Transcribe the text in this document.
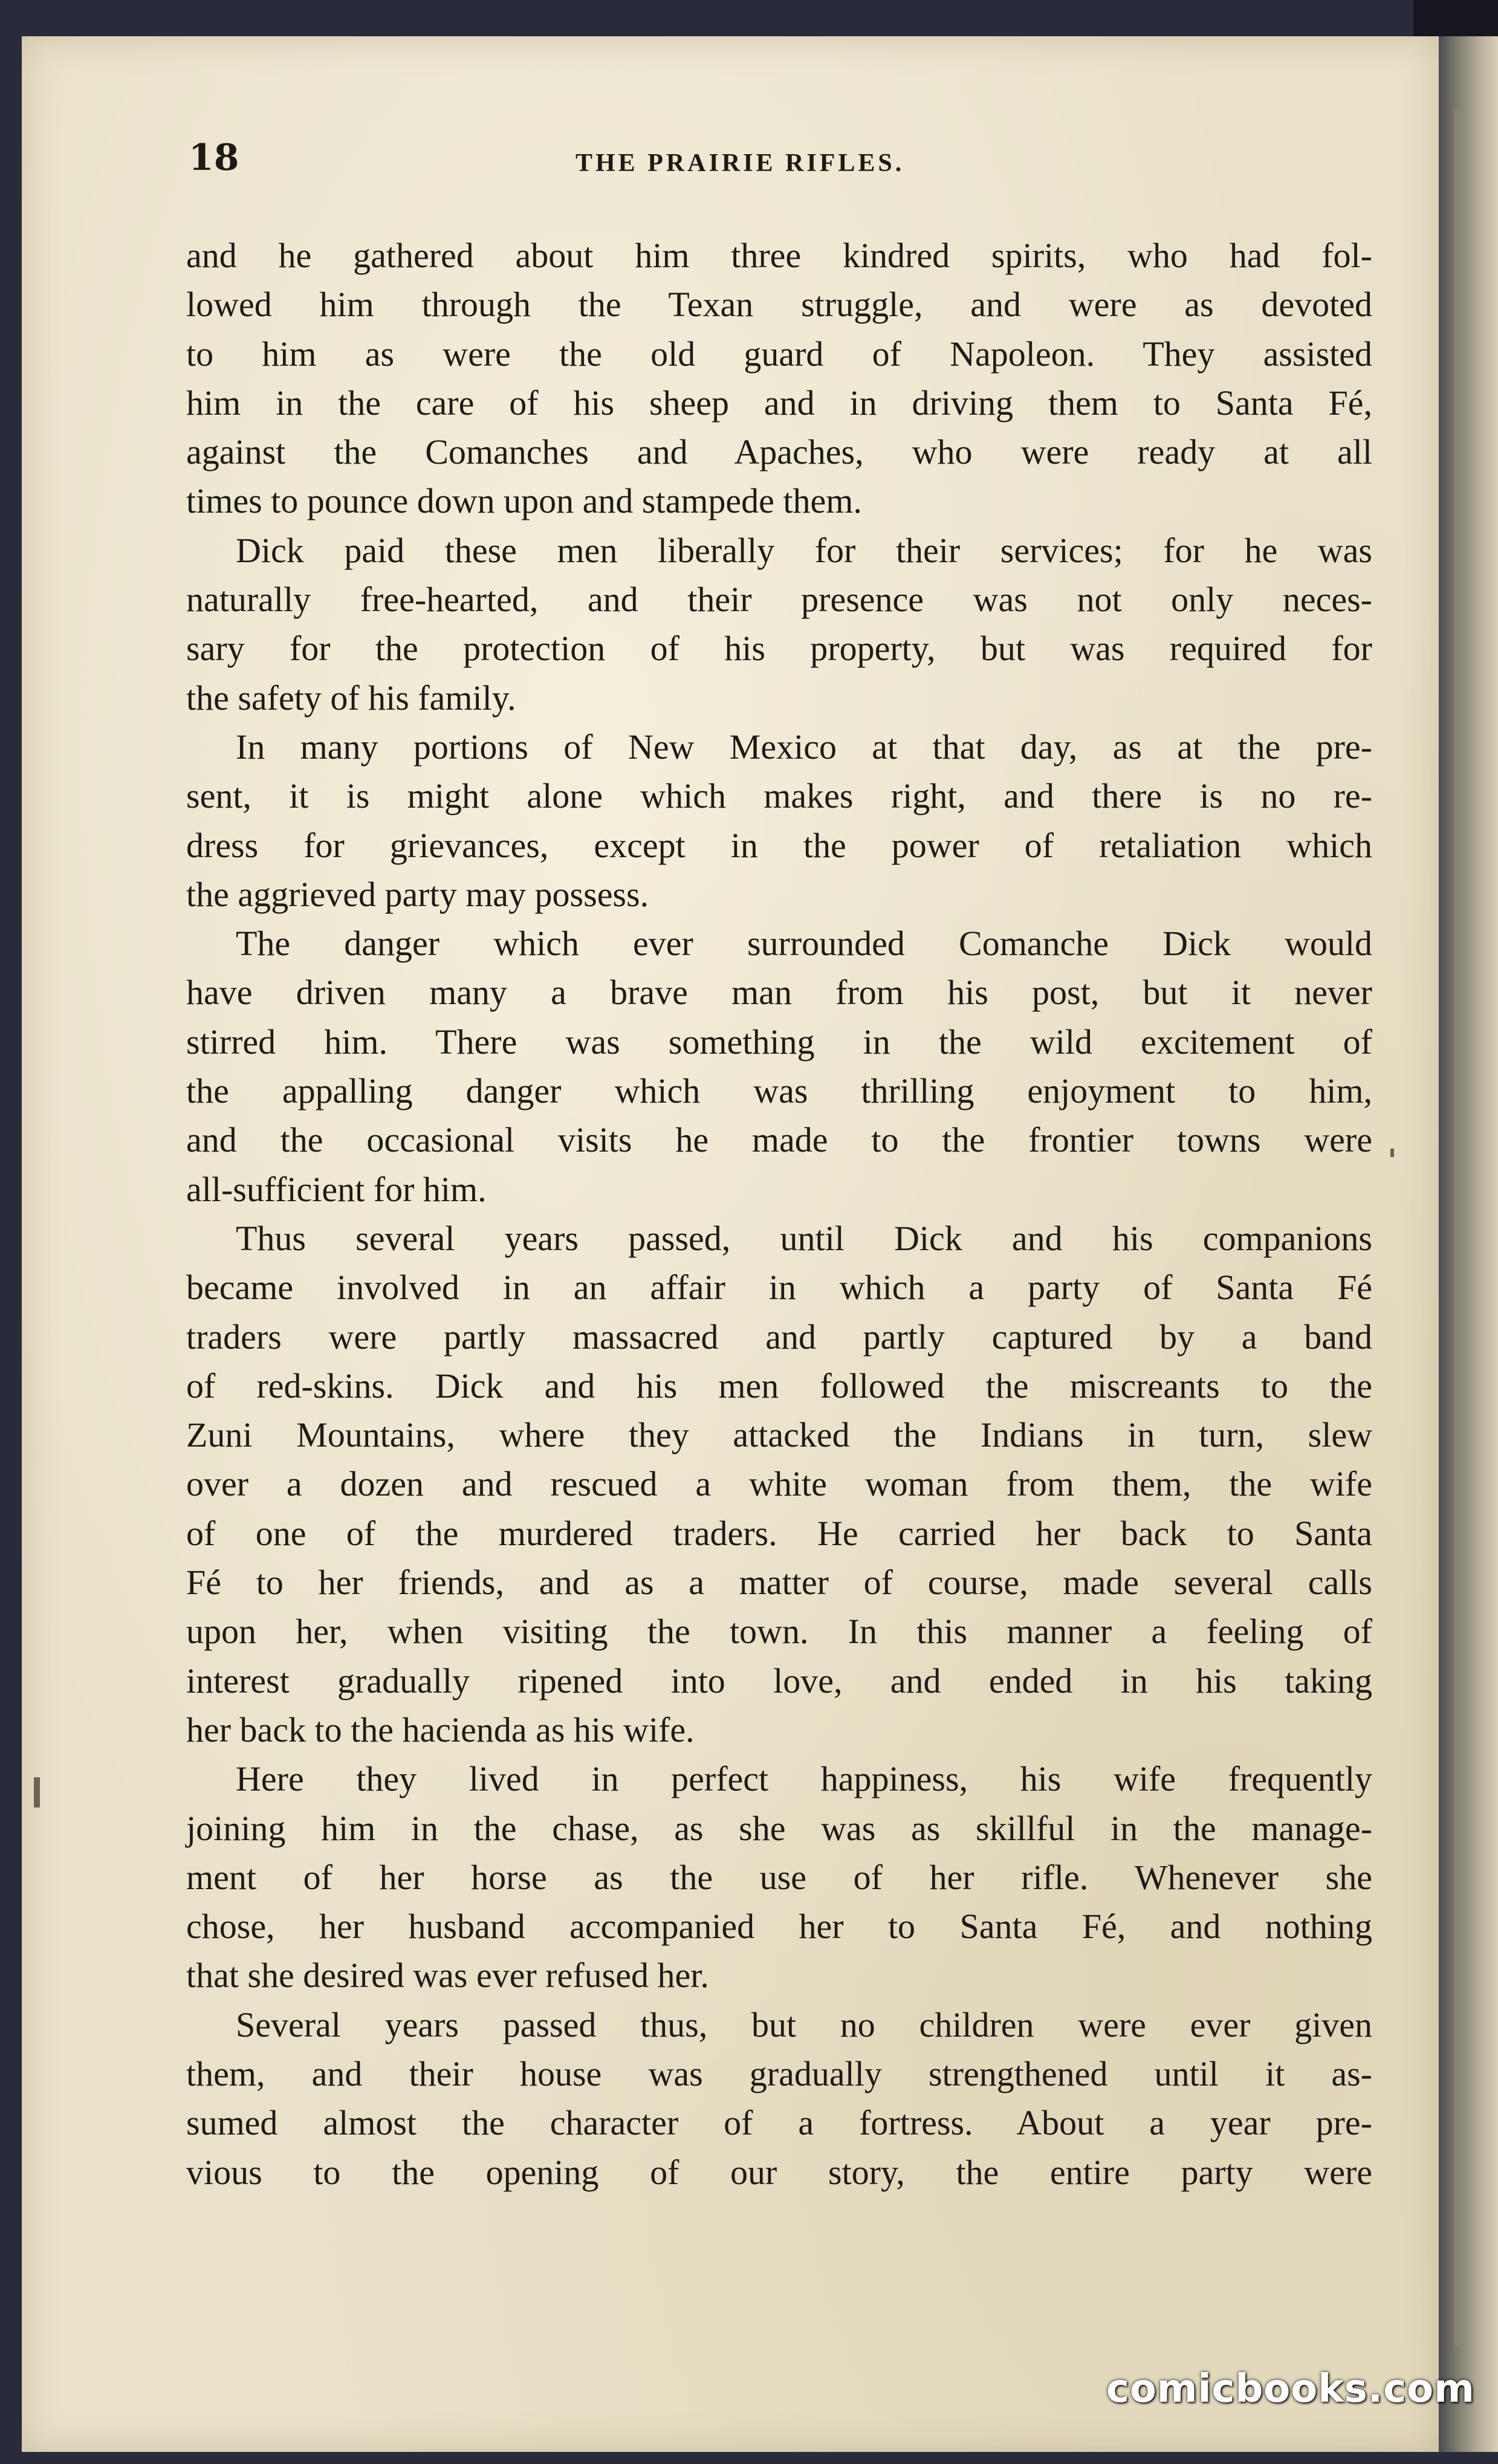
18	THE PRAIRIE RIFLES.
and he gathered about him three kindred spirits, who had fol-
lowed him through the Texan struggle, and were as devoted
to him as were the old guard of Napoleon. They assisted
him in the care of his sheep and in driving them to Santa Fé,
against the Comanches and Apaches, who were ready at all
times to pounce down upon and stampede them.
Dick paid these men liberally for their services; for he was
naturally free-hearted, and their presence was not only neces-
sary for the protection of his property, but was required for
the safety of his family.
In many portions of New Mexico at that day, as at the pre-
sent, it is might alone which makes right, and there is no re-
dress for grievances, except in the power of retaliation which
the aggrieved party may possess.
The danger which ever surrounded Comanche Dick would
have driven many a brave man from his post, but it never
stirred him. There was something in the wild excitement of
the appalling danger which was thrilling enjoyment to him,
and the occasional visits he made to the frontier towns were
all-sufficient for him.
Thus several years passed, until Dick and his companions
became involved in an affair in which a party of Santa Fé
traders were partly massacred and partly captured by a band
of red-skins. Dick and his men followed the miscreants to the
Zuni Mountains, where they attacked the Indians in turn, slew
over a dozen and rescued a white woman from them, the wife
of one of the murdered traders. He carried her back to Santa
Fé to her friends, and as a matter of course, made several calls
upon her, when visiting the town. In this manner a feeling of
interest gradually ripened into love, and ended in his taking
her back to the hacienda as his wife.
Here they lived in perfect happiness, his wife frequently
joining him in the chase, as she was as skillful in the manage-
ment of her horse as the use of her rifle. Whenever she
chose, her husband accompanied her to Santa Fé, and nothing
that she desired was ever refused her.
Several years passed thus, but no children were ever given
them, and their house was gradually strengthened until it as-
sumed almost the character of a fortress. About a year pre-
vious to the opening of our story, the entire party were
comicbooks.com
